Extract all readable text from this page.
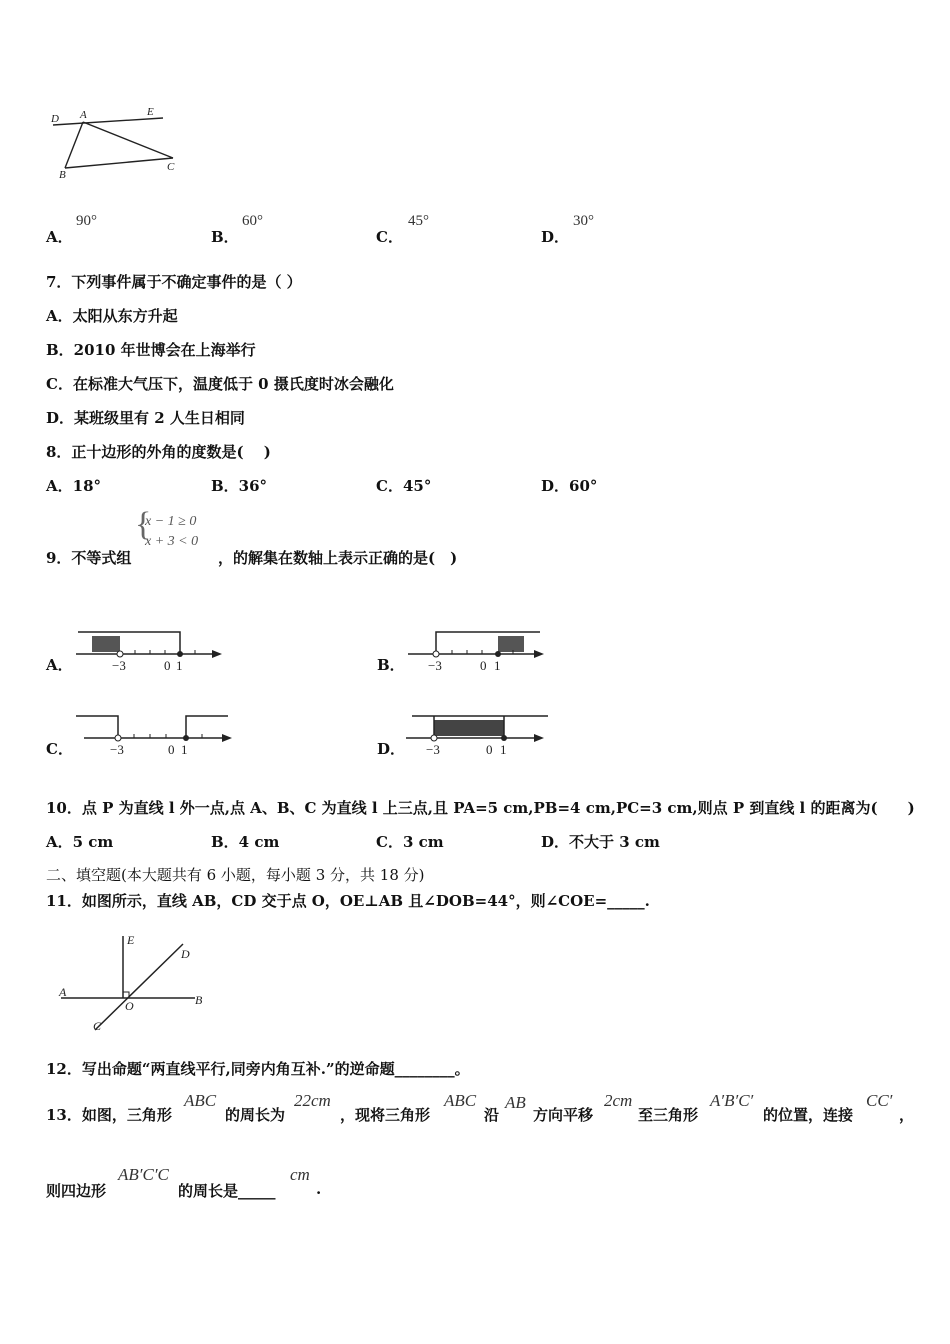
D A	E
B
C
A．
90°
B．
60°
C．
45°
D．
30°
7．下列事件属于不确定事件的是（ ）
A．太阳从东方升起
B．2010 年世博会在上海举行
C．在标准大气压下，温度低于 0 摄氏度时冰会融化
D．某班级里有 2 人生日相同
8．正十边形的外角的度数是(　 )
A．18°	B．36°	C．45°	D．60°
9．不等式组
{
x − 1 ≥ 0
x + 3 < 0
，的解集在数轴上表示正确的是(　)
A．	−3	0 1	B． −3	0 1
C．	−3	0 1	D． −3	0 1
10．点 P 为直线 l 外一点,点 A、B、C 为直线 l 上三点,且 PA=5 cm,PB=4 cm,PC=3 cm,则点 P 到直线 l 的距离为(　　)
A．5 cm	B．4 cm	C．3 cm	D．不大于 3 cm
二、填空题(本大题共有 6 小题，每小题 3 分，共 18 分)
11．如图所示，直线 AB，CD 交于点 O，OE⊥AB 且∠DOB=44°，则∠COE=_____.
E
D
A
O	B
C
12．写出命题“两直线平行,同旁内角互补.”的逆命题________。
13．如图，三角形
ABC
的周长为
22cm
，现将三角形
ABC
沿
AB
方向平移
2cm
至三角形
A′B′C′
的位置，连接
CC′
，
则四边形
AB′C′C
的周长是_____
cm
.
